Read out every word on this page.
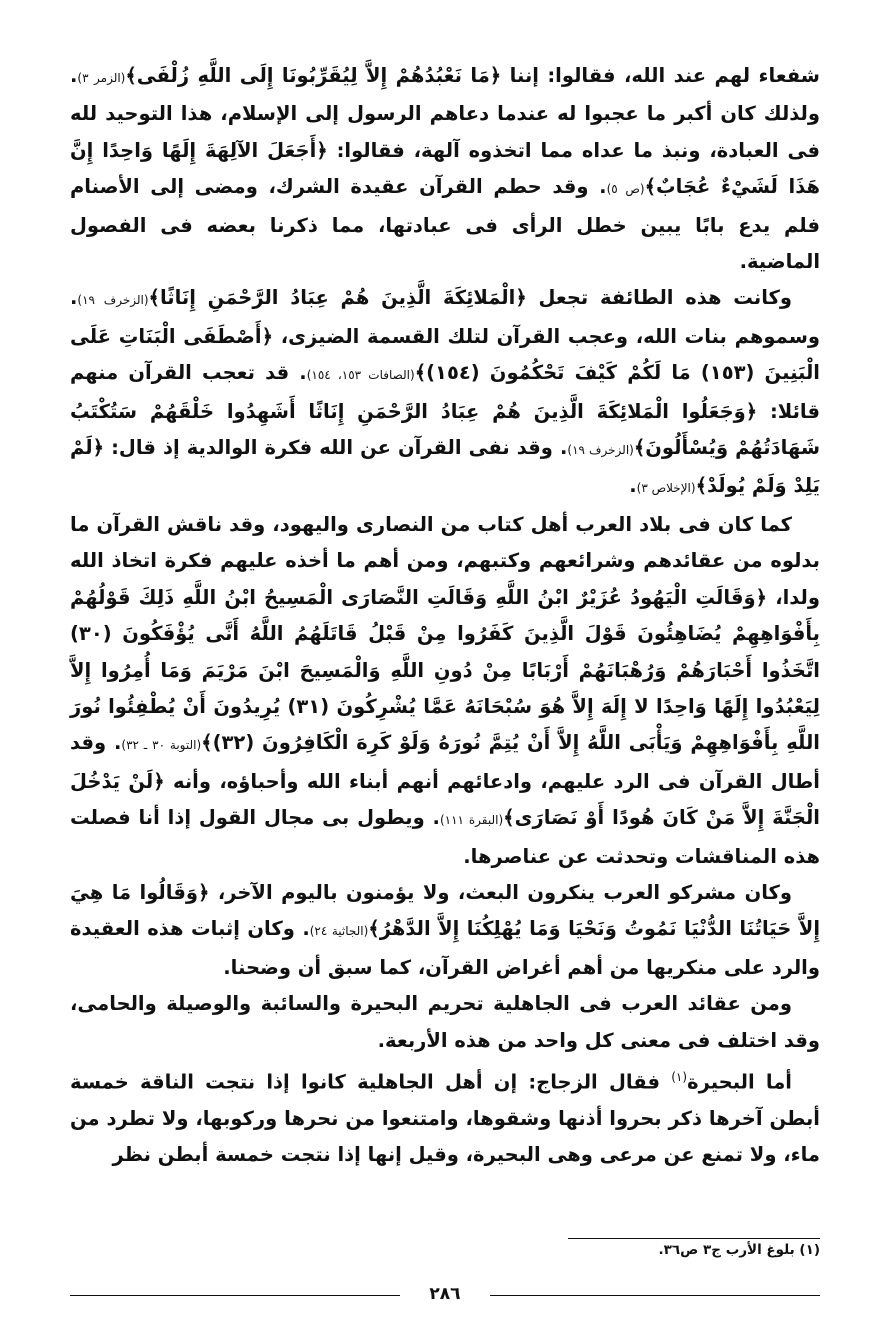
شفعاء لهم عند الله، فقالوا: إننا ﴿مَا نَعْبُدُهُمْ إِلاَّ لِيُقَرِّبُونَا إِلَى اللَّهِ زُلْفَى﴾(الزمر ٣). ولذلك كان أكبر ما عجبوا له عندما دعاهم الرسول إلى الإسلام، هذا التوحيد لله فى العبادة، ونبذ ما عداه مما اتخذوه آلهة، فقالوا: ﴿أَجَعَلَ الآلِهَةَ إِلَهًا وَاحِدًا إِنَّ هَذَا لَشَيْءٌ عُجَابٌ﴾(ص ٥). وقد حطم القرآن عقيدة الشرك، ومضى إلى الأصنام فلم يدع بابًا يبين خطل الرأى فى عبادتها، مما ذكرنا بعضه فى الفصول الماضية.

وكانت هذه الطائفة تجعل ﴿الْمَلائِكَةَ الَّذِينَ هُمْ عِبَادُ الرَّحْمَنِ إِنَاثًا﴾(الزخرف ١٩). وسموهم بنات الله، وعجب القرآن لتلك القسمة الضيزى، ﴿أَصْطَفَى الْبَنَاتِ عَلَى الْبَنِينَ (١٥٣) مَا لَكُمْ كَيْفَ تَحْكُمُونَ (١٥٤)﴾(الصافات ١٥٣، ١٥٤). قد تعجب القرآن منهم قائلا: ﴿وَجَعَلُوا الْمَلائِكَةَ الَّذِينَ هُمْ عِبَادُ الرَّحْمَنِ إِنَاثًا أَشَهِدُوا خَلْقَهُمْ سَتُكْتَبُ شَهَادَتُهُمْ وَيُسْأَلُونَ﴾(الزخرف ١٩). وقد نفى القرآن عن الله فكرة الوالدية إذ قال: ﴿لَمْ يَلِدْ وَلَمْ يُولَدْ﴾(الإخلاص ٣).

كما كان فى بلاد العرب أهل كتاب من النصارى واليهود، وقد ناقش القرآن ما بدلوه من عقائدهم وشرائعهم وكتبهم، ومن أهم ما أخذه عليهم فكرة اتخاذ الله ولدا، ﴿وَقَالَتِ الْيَهُودُ عُزَيْرٌ ابْنُ اللَّهِ وَقَالَتِ النَّصَارَى الْمَسِيحُ ابْنُ اللَّهِ ذَلِكَ قَوْلُهُمْ بِأَفْوَاهِهِمْ يُضَاهِئُونَ قَوْلَ الَّذِينَ كَفَرُوا مِنْ قَبْلُ قَاتَلَهُمُ اللَّهُ أَنَّى يُؤْفَكُونَ (٣٠) اتَّخَذُوا أَحْبَارَهُمْ وَرُهْبَانَهُمْ أَرْبَابًا مِنْ دُونِ اللَّهِ وَالْمَسِيحَ ابْنَ مَرْيَمَ وَمَا أُمِرُوا إِلاَّ لِيَعْبُدُوا إِلَهًا وَاحِدًا لا إِلَهَ إِلاَّ هُوَ سُبْحَانَهُ عَمَّا يُشْرِكُونَ (٣١) يُرِيدُونَ أَنْ يُطْفِئُوا نُورَ اللَّهِ بِأَفْوَاهِهِمْ وَيَأْبَى اللَّهُ إِلاَّ أَنْ يُتِمَّ نُورَهُ وَلَوْ كَرِهَ الْكَافِرُونَ (٣٢)﴾(التوبة ٣٠ ـ ٣٢). وقد أطال القرآن فى الرد عليهم، وادعائهم أنهم أبناء الله وأحباؤه، وأنه ﴿لَنْ يَدْخُلَ الْجَنَّةَ إِلاَّ مَنْ كَانَ هُودًا أَوْ نَصَارَى﴾(البقرة ١١١). ويطول بى مجال القول إذا أنا فصلت هذه المناقشات وتحدثت عن عناصرها.

وكان مشركو العرب ينكرون البعث، ولا يؤمنون باليوم الآخر، ﴿وَقَالُوا مَا هِيَ إِلاَّ حَيَاتُنَا الدُّنْيَا نَمُوتُ وَنَحْيَا وَمَا يُهْلِكُنَا إِلاَّ الدَّهْرُ﴾(الجاثية ٢٤). وكان إثبات هذه العقيدة والرد على منكريها من أهم أغراض القرآن، كما سبق أن وضحنا.

ومن عقائد العرب فى الجاهلية تحريم البحيرة والسائبة والوصيلة والحامى، وقد اختلف فى معنى كل واحد من هذه الأربعة.

أما البحيرة$^{(١)}$ فقال الزجاج: إن أهل الجاهلية كانوا إذا نتجت الناقة خمسة أبطن آخرها ذكر بحروا أذنها وشقوها، وامتنعوا من نحرها وركوبها، ولا تطرد من ماء، ولا تمنع عن مرعى وهى البحيرة، وقيل إنها إذا نتجت خمسة أبطن نظر

(١) بلوغ الأرب ج٣ ص٣٦.
٢٨٦
